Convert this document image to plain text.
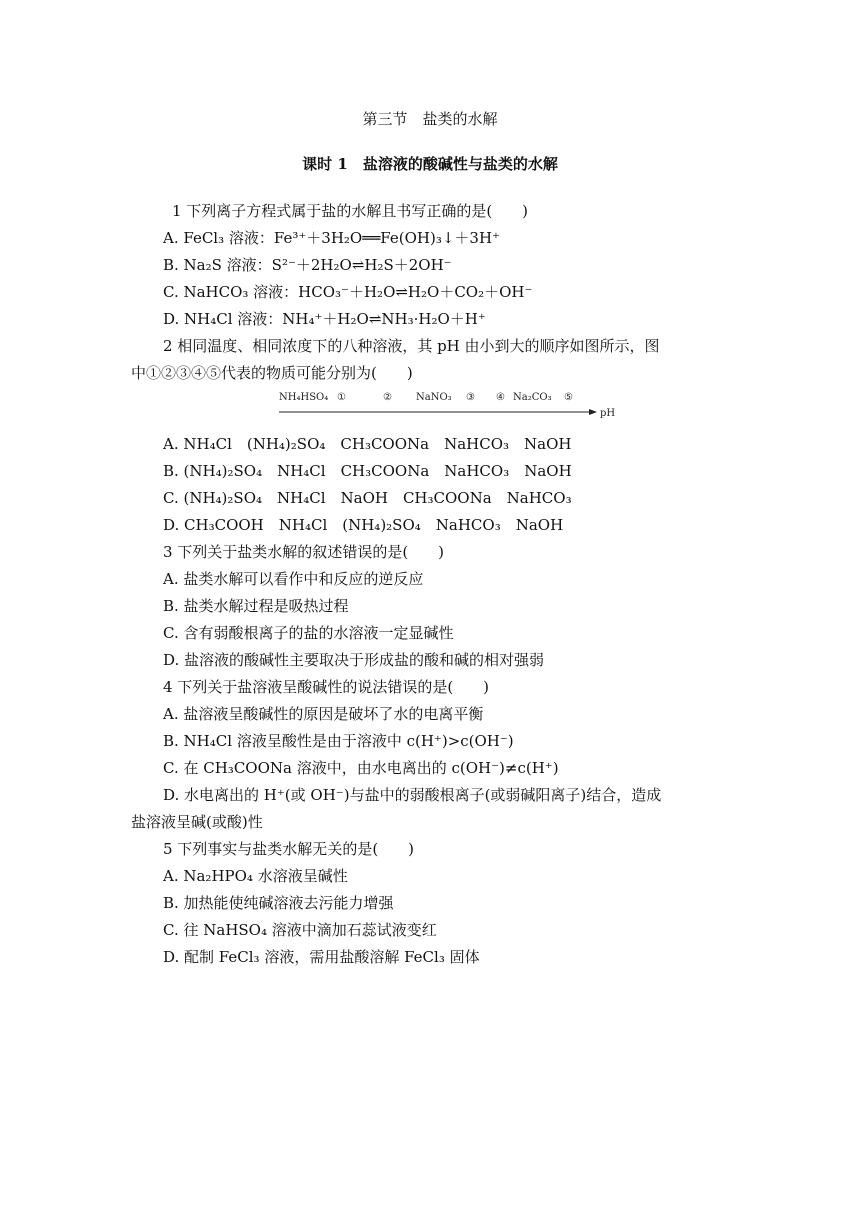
第三节　盐类的水解
课时 1　盐溶液的酸碱性与盐类的水解
1 下列离子方程式属于盐的水解且书写正确的是(　　)
A. FeCl₃ 溶液：Fe³⁺＋3H₂O══Fe(OH)₃↓＋3H⁺
B. Na₂S 溶液：S²⁻＋2H₂O⇌H₂S＋2OH⁻
C. NaHCO₃ 溶液：HCO₃⁻＋H₂O⇌H₂O＋CO₂＋OH⁻
D. NH₄Cl 溶液：NH₄⁺＋H₂O⇌NH₃·H₂O＋H⁺
2 相同温度、相同浓度下的八种溶液，其 pH 由小到大的顺序如图所示，图
中①②③④⑤代表的物质可能分别为(　　)
NH₄HSO₄ ①	② NaNO₃ ③ ④ Na₂CO₃ ⑤
pH
A. NH₄Cl　(NH₄)₂SO₄　CH₃COONa　NaHCO₃　NaOH
B. (NH₄)₂SO₄　NH₄Cl　CH₃COONa　NaHCO₃　NaOH
C. (NH₄)₂SO₄　NH₄Cl　NaOH　CH₃COONa　NaHCO₃
D. CH₃COOH　NH₄Cl　(NH₄)₂SO₄　NaHCO₃　NaOH
3 下列关于盐类水解的叙述错误的是(　　)
A. 盐类水解可以看作中和反应的逆反应
B. 盐类水解过程是吸热过程
C. 含有弱酸根离子的盐的水溶液一定显碱性
D. 盐溶液的酸碱性主要取决于形成盐的酸和碱的相对强弱
4 下列关于盐溶液呈酸碱性的说法错误的是(　　)
A. 盐溶液呈酸碱性的原因是破坏了水的电离平衡
B. NH₄Cl 溶液呈酸性是由于溶液中 c(H⁺)>c(OH⁻)
C. 在 CH₃COONa 溶液中，由水电离出的 c(OH⁻)≠c(H⁺)
D. 水电离出的 H⁺(或 OH⁻)与盐中的弱酸根离子(或弱碱阳离子)结合，造成
盐溶液呈碱(或酸)性
5 下列事实与盐类水解无关的是(　　)
A. Na₂HPO₄ 水溶液呈碱性
B. 加热能使纯碱溶液去污能力增强
C. 往 NaHSO₄ 溶液中滴加石蕊试液变红
D. 配制 FeCl₃ 溶液，需用盐酸溶解 FeCl₃ 固体
